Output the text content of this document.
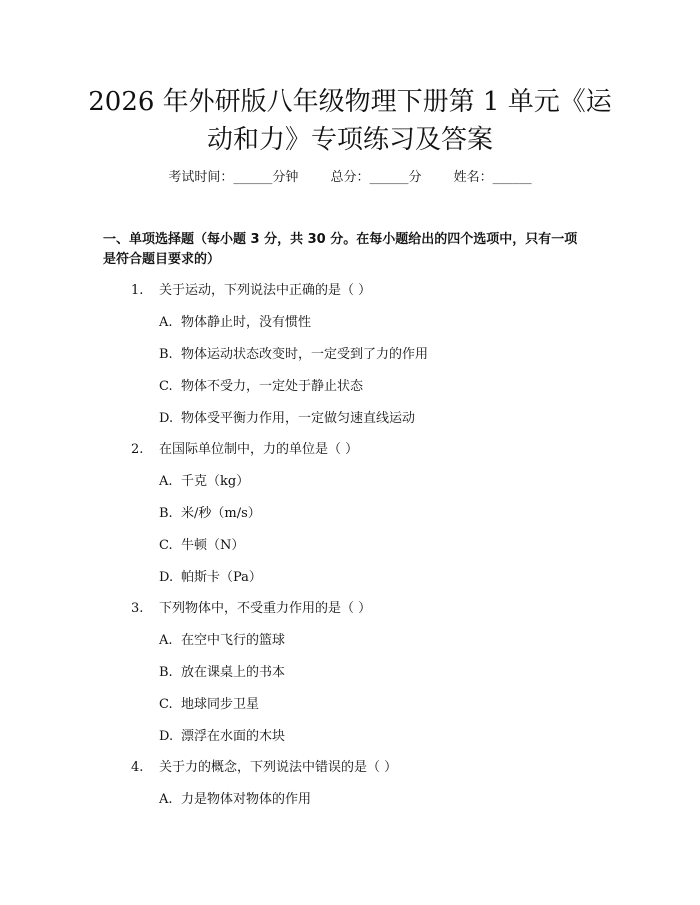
2026 年外研版八年级物理下册第 1 单元《运
动和力》专项练习及答案
考试时间：______分钟 总分：______分 姓名：______
一、单项选择题（每小题 3 分，共 30 分。在每小题给出的四个选项中，只有一项
是符合题目要求的）
1. 关于运动，下列说法中正确的是（ ）
A. 物体静止时，没有惯性
B. 物体运动状态改变时，一定受到了力的作用
C. 物体不受力，一定处于静止状态
D. 物体受平衡力作用，一定做匀速直线运动
2. 在国际单位制中，力的单位是（ ）
A. 千克（kg）
B. 米/秒（m/s）
C. 牛顿（N）
D. 帕斯卡（Pa）
3. 下列物体中，不受重力作用的是（ ）
A. 在空中飞行的篮球
B. 放在课桌上的书本
C. 地球同步卫星
D. 漂浮在水面的木块
4. 关于力的概念，下列说法中错误的是（ ）
A. 力是物体对物体的作用
